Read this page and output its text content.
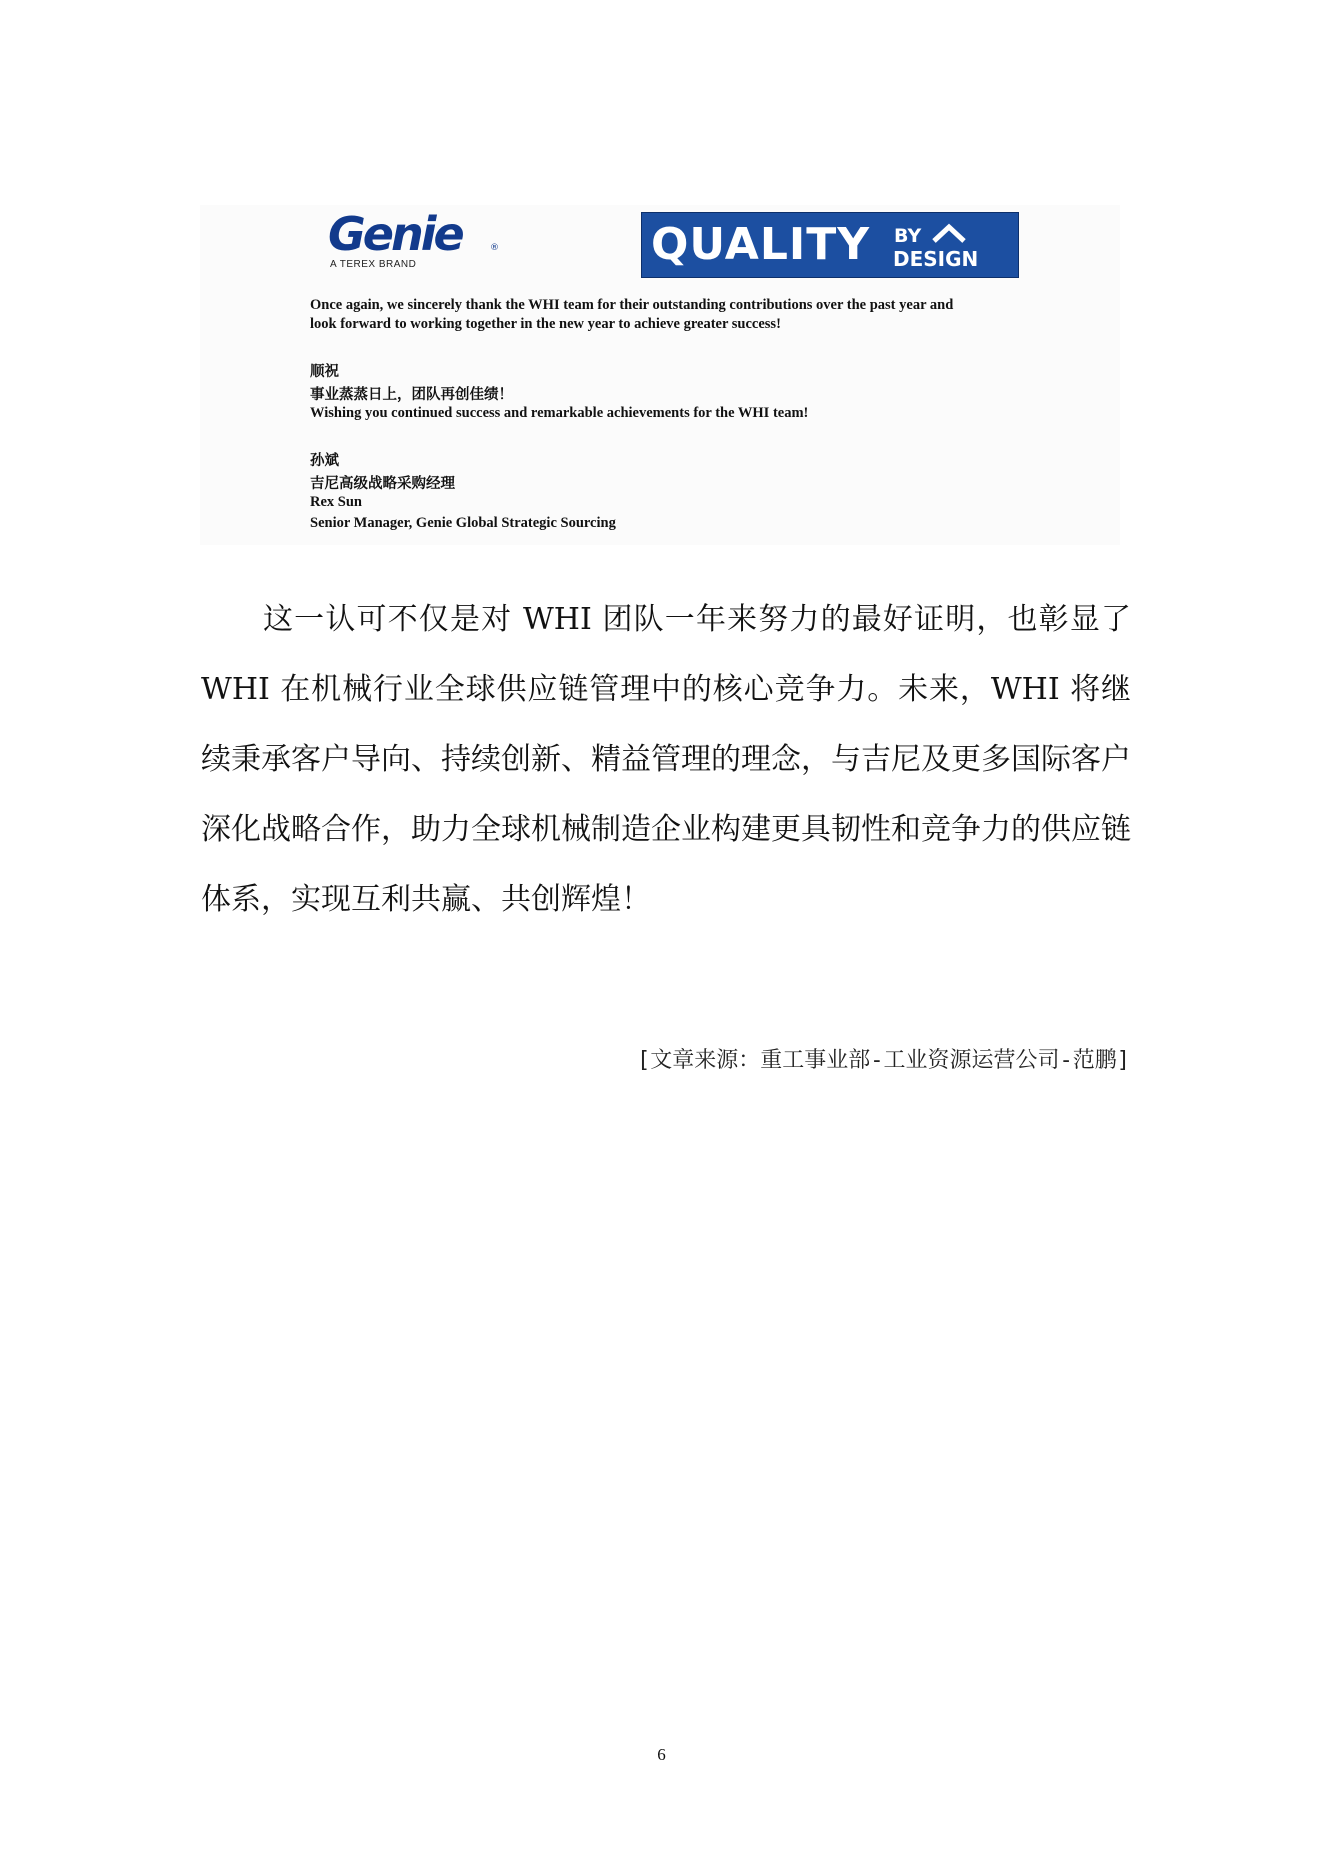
Genie	®
A TEREX BRAND	QUALITY BY
DESIGN
Once again, we sincerely thank the WHI team for their outstanding contributions over the past year and
look forward to working together in the new year to achieve greater success!
顺祝
事业蒸蒸日上，团队再创佳绩！
Wishing you continued success and remarkable achievements for the WHI team!
孙斌
吉尼高级战略采购经理
Rex Sun
Senior Manager, Genie Global Strategic Sourcing

这一认可不仅是对 WHI 团队一年来努力的最好证明，也彰显了WHI 在机械行业全球供应链管理中的核心竞争力。未来，WHI 将继续秉承客户导向、持续创新、精益管理的理念，与吉尼及更多国际客户深化战略合作，助力全球机械制造企业构建更具韧性和竞争力的供应链体系，实现互利共赢、共创辉煌！

[文章来源：重工事业部-工业资源运营公司-范鹏]
6
